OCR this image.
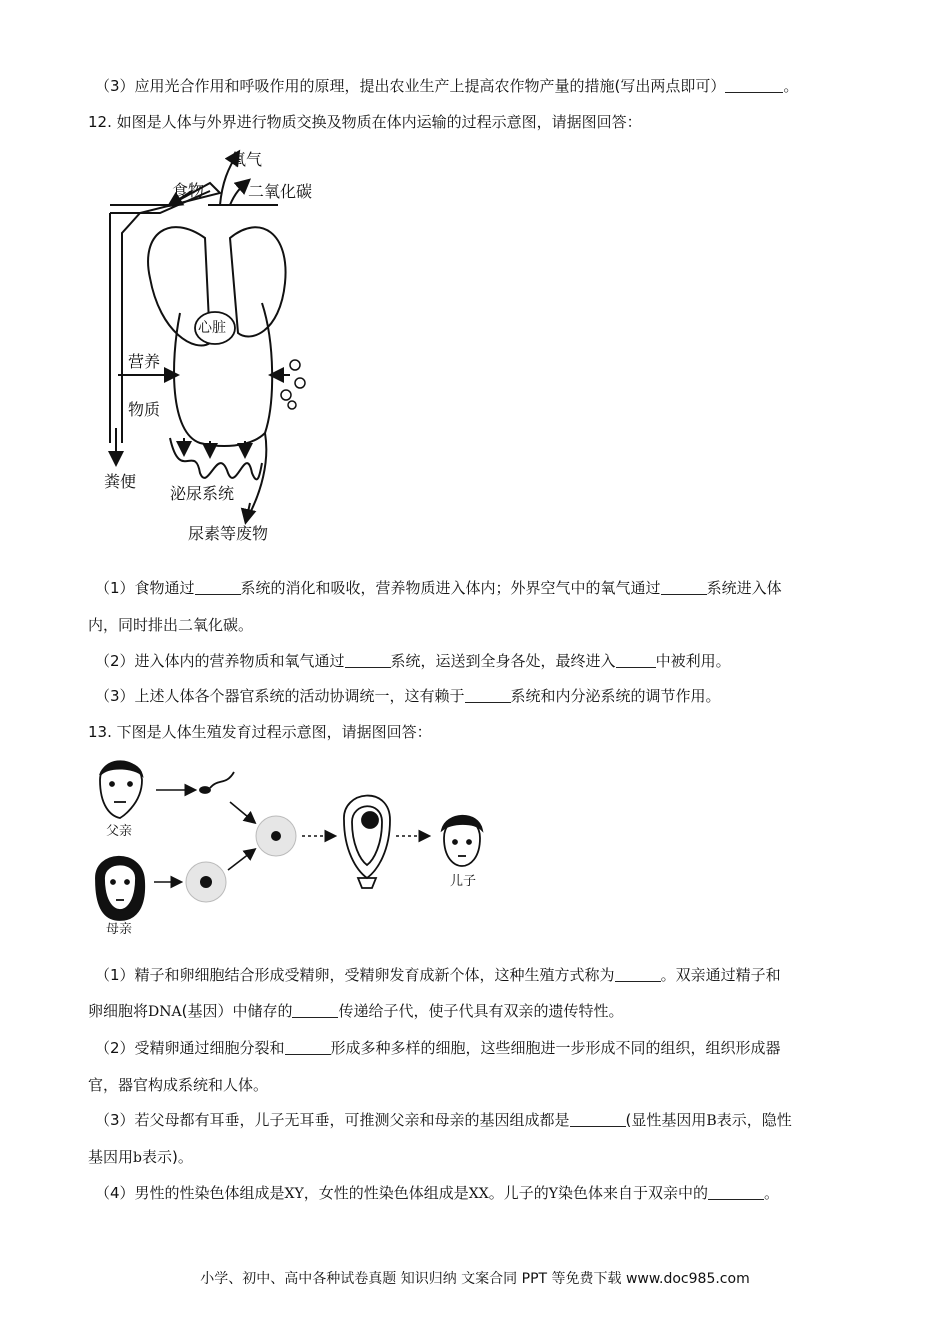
（3）应用光合作用和呼吸作用的原理，提出农业生产上提高农作物产量的措施(写出两点即可）	。
12. 如图是人体与外界进行物质交换及物质在体内运输的过程示意图，请据图回答：
氧气
食物	二氧化碳
心脏
营养
物质
粪便
泌尿系统
尿素等废物
（1）食物通过	系统的消化和吸收，营养物质进入体内；外界空气中的氧气通过	系统进入体
内，同时排出二氧化碳。
（2）进入体内的营养物质和氧气通过	系统，运送到全身各处，最终进入	中被利用。
（3）上述人体各个器官系统的活动协调统一，这有赖于	系统和内分泌系统的调节作用。
13. 下图是人体生殖发育过程示意图，请据图回答：
父亲
母亲
儿子
（1）精子和卵细胞结合形成受精卵，受精卵发育成新个体，这种生殖方式称为	。双亲通过精子和
卵细胞将DNA(基因）中储存的	传递给子代，使子代具有双亲的遗传特性。
（2）受精卵通过细胞分裂和	形成多种多样的细胞，这些细胞进一步形成不同的组织，组织形成器
官，器官构成系统和人体。
（3）若父母都有耳垂，儿子无耳垂，可推测父亲和母亲的基因组成都是	(显性基因用B表示，隐性
基因用b表示)。
（4）男性的性染色体组成是XY，女性的性染色体组成是XX。儿子的Y染色体来自于双亲中的	。
小学、初中、高中各种试卷真题 知识归纳 文案合同 PPT 等免费下载 www.doc985.com
